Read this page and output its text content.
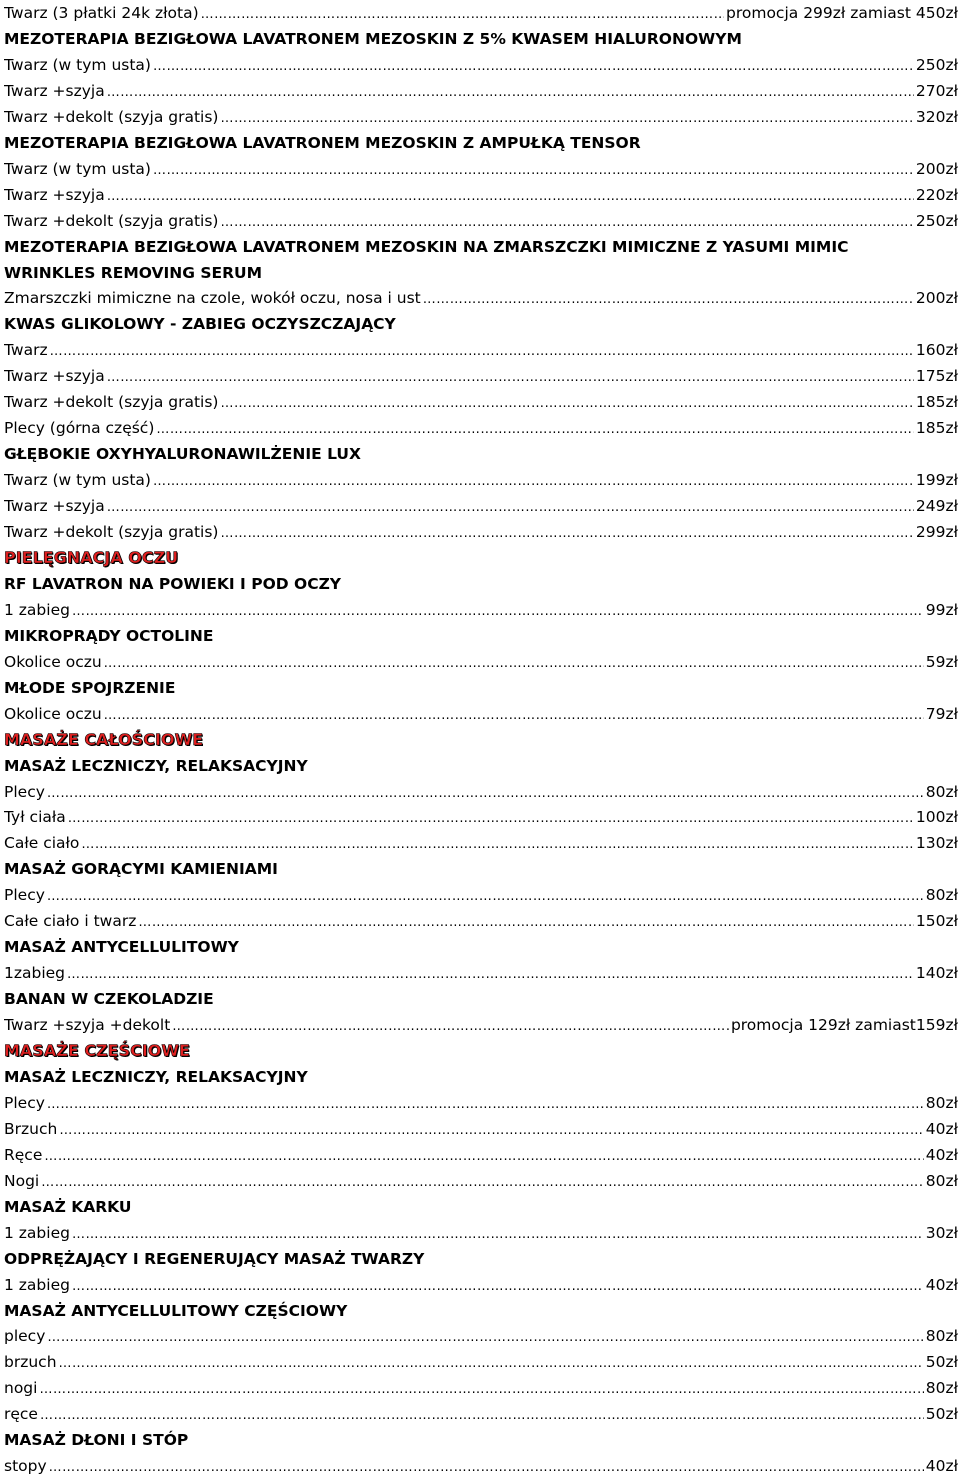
Twarz (3 płatki 24k złota) …………………………………………………………………………………………………………………………………………………………………………………………………………………………………………	promocja 299zł zamiast 450zł
MEZOTERAPIA BEZIGŁOWA LAVATRONEM MEZOSKIN Z 5% KWASEM HIALURONOWYM
Twarz (w tym usta) …………………………………………………………………………………………………………………………………………………………………………………………………………………………………………	250zł
Twarz +szyja …………………………………………………………………………………………………………………………………………………………………………………………………………………………………………	270zł
Twarz +dekolt (szyja gratis) …………………………………………………………………………………………………………………………………………………………………………………………………………………………………………	320zł
MEZOTERAPIA BEZIGŁOWA LAVATRONEM MEZOSKIN Z AMPUŁKĄ TENSOR
Twarz (w tym usta) …………………………………………………………………………………………………………………………………………………………………………………………………………………………………………	200zł
Twarz +szyja …………………………………………………………………………………………………………………………………………………………………………………………………………………………………………	220zł
Twarz +dekolt (szyja gratis) …………………………………………………………………………………………………………………………………………………………………………………………………………………………………………	250zł
MEZOTERAPIA BEZIGŁOWA LAVATRONEM MEZOSKIN NA ZMARSZCZKI MIMICZNE Z YASUMI MIMIC
WRINKLES REMOVING SERUM
Zmarszczki mimiczne na czole, wokół oczu, nosa i ust …………………………………………………………………………………………………………………………………………………………………………………………………………………………………………	200zł
KWAS GLIKOLOWY - ZABIEG OCZYSZCZAJĄCY
Twarz …………………………………………………………………………………………………………………………………………………………………………………………………………………………………………	160zł
Twarz +szyja …………………………………………………………………………………………………………………………………………………………………………………………………………………………………………	175zł
Twarz +dekolt (szyja gratis) …………………………………………………………………………………………………………………………………………………………………………………………………………………………………………	185zł
Plecy (górna część) …………………………………………………………………………………………………………………………………………………………………………………………………………………………………………	185zł
GŁĘBOKIE OXYHYALURONAWILŻENIE LUX
Twarz (w tym usta) …………………………………………………………………………………………………………………………………………………………………………………………………………………………………………	199zł
Twarz +szyja …………………………………………………………………………………………………………………………………………………………………………………………………………………………………………	249zł
Twarz +dekolt (szyja gratis) …………………………………………………………………………………………………………………………………………………………………………………………………………………………………………	299zł
PIELĘGNACJA OCZU
RF LAVATRON NA POWIEKI I POD OCZY
1 zabieg …………………………………………………………………………………………………………………………………………………………………………………………………………………………………………	99zł
MIKROPRĄDY OCTOLINE
Okolice oczu …………………………………………………………………………………………………………………………………………………………………………………………………………………………………………	59zł
MŁODE SPOJRZENIE
Okolice oczu …………………………………………………………………………………………………………………………………………………………………………………………………………………………………………	79zł
MASAŻE CAŁOŚCIOWE
MASAŻ LECZNICZY, RELAKSACYJNY
Plecy …………………………………………………………………………………………………………………………………………………………………………………………………………………………………………	80zł
Tył ciała …………………………………………………………………………………………………………………………………………………………………………………………………………………………………………	100zł
Całe ciało …………………………………………………………………………………………………………………………………………………………………………………………………………………………………………	130zł
MASAŻ GORĄCYMI KAMIENIAMI
Plecy …………………………………………………………………………………………………………………………………………………………………………………………………………………………………………	80zł
Całe ciało i twarz …………………………………………………………………………………………………………………………………………………………………………………………………………………………………………	150zł
MASAŻ ANTYCELLULITOWY
1zabieg …………………………………………………………………………………………………………………………………………………………………………………………………………………………………………	140zł
BANAN W CZEKOLADZIE
Twarz +szyja +dekolt …………………………………………………………………………………………………………………………………………………………………………………………………………………………………………	promocja 129zł zamiast159zł
MASAŻE CZĘŚCIOWE
MASAŻ LECZNICZY, RELAKSACYJNY
Plecy …………………………………………………………………………………………………………………………………………………………………………………………………………………………………………	80zł
Brzuch …………………………………………………………………………………………………………………………………………………………………………………………………………………………………………	40zł
Ręce …………………………………………………………………………………………………………………………………………………………………………………………………………………………………………	40zł
Nogi …………………………………………………………………………………………………………………………………………………………………………………………………………………………………………	80zł
MASAŻ KARKU
1 zabieg …………………………………………………………………………………………………………………………………………………………………………………………………………………………………………	30zł
ODPRĘŻAJĄCY I REGENERUJĄCY MASAŻ TWARZY
1 zabieg …………………………………………………………………………………………………………………………………………………………………………………………………………………………………………	40zł
MASAŻ ANTYCELLULITOWY CZĘŚCIOWY
plecy …………………………………………………………………………………………………………………………………………………………………………………………………………………………………………	80zł
brzuch …………………………………………………………………………………………………………………………………………………………………………………………………………………………………………	50zł
nogi …………………………………………………………………………………………………………………………………………………………………………………………………………………………………………	80zł
ręce …………………………………………………………………………………………………………………………………………………………………………………………………………………………………………	50zł
MASAŻ DŁONI I STÓP
stopy …………………………………………………………………………………………………………………………………………………………………………………………………………………………………………	40zł
